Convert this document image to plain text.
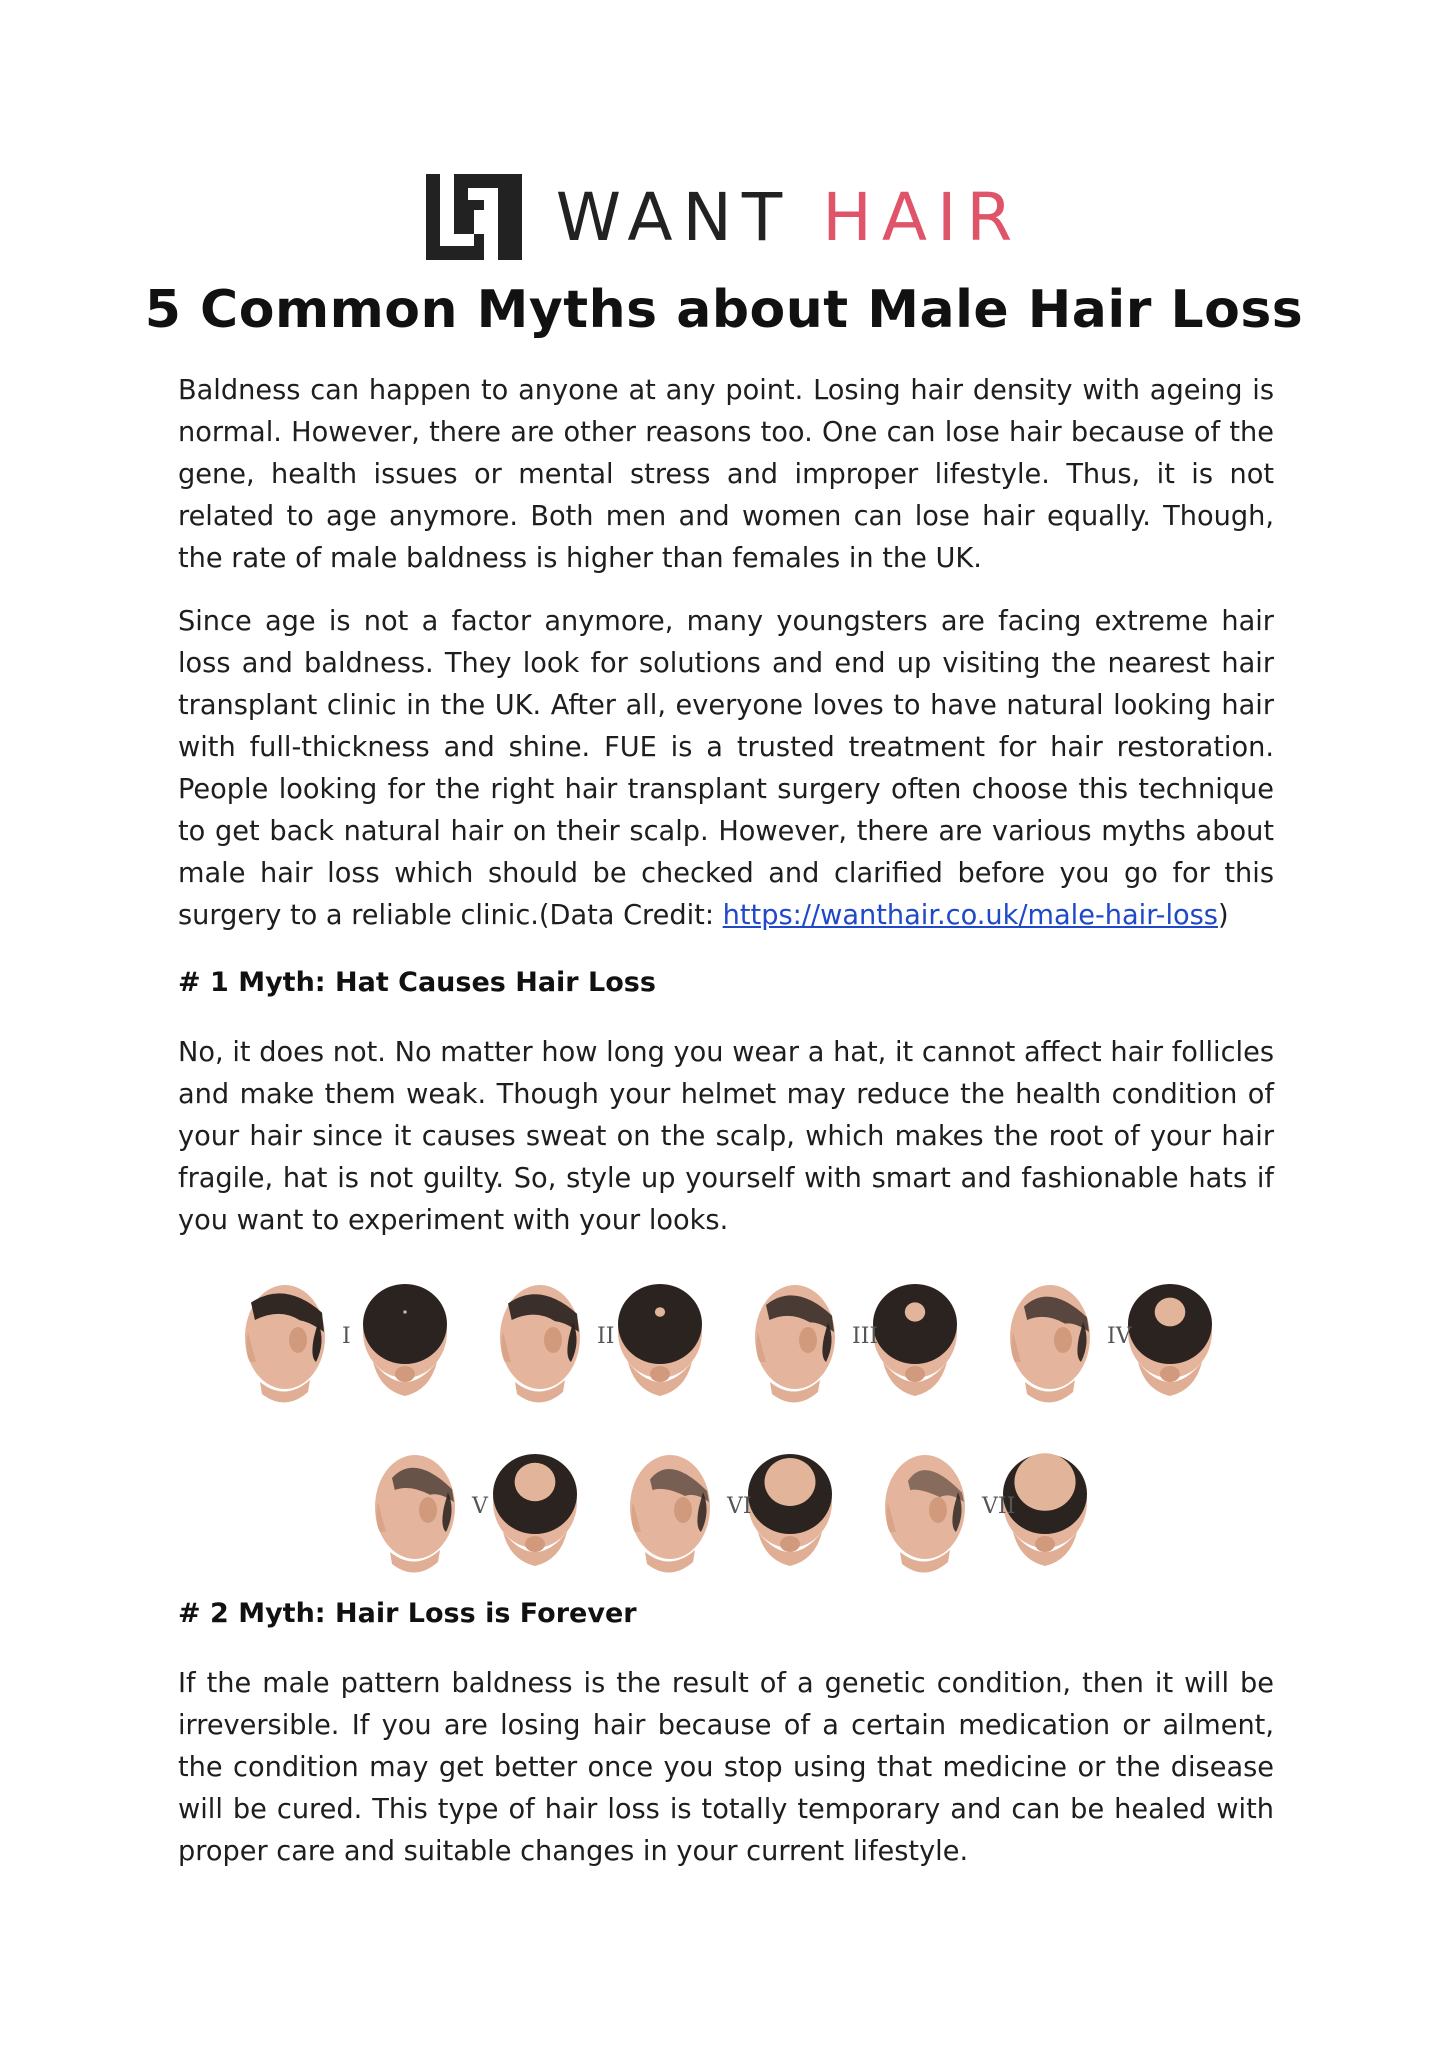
WANT HAIR
5 Common Myths about Male Hair Loss

Baldness can happen to anyone at any point. Losing hair density with ageing is normal. However, there are other reasons too. One can lose hair because of the gene, health issues or mental stress and improper lifestyle. Thus, it is not related to age anymore. Both men and women can lose hair equally. Though, the rate of male baldness is higher than females in the UK.

Since age is not a factor anymore, many youngsters are facing extreme hair loss and baldness. They look for solutions and end up visiting the nearest hair transplant clinic in the UK. After all, everyone loves to have natural looking hair with full-thickness and shine. FUE is a trusted treatment for hair restoration. People looking for the right hair transplant surgery often choose this technique to get back natural hair on their scalp. However, there are various myths about male hair loss which should be checked and clarified before you go for this surgery to a reliable clinic.(Data Credit: https://wanthair.co.uk/male-hair-loss)

# 1 Myth: Hat Causes Hair Loss

No, it does not. No matter how long you wear a hat, it cannot affect hair follicles and make them weak. Though your helmet may reduce the health condition of your hair since it causes sweat on the scalp, which makes the root of your hair fragile, hat is not guilty. So, style up yourself with smart and fashionable hats if you want to experiment with your looks.

I	II	III	IV
V	VI	VII
# 2 Myth: Hair Loss is Forever

If the male pattern baldness is the result of a genetic condition, then it will be irreversible. If you are losing hair because of a certain medication or ailment, the condition may get better once you stop using that medicine or the disease will be cured. This type of hair loss is totally temporary and can be healed with proper care and suitable changes in your current lifestyle.
